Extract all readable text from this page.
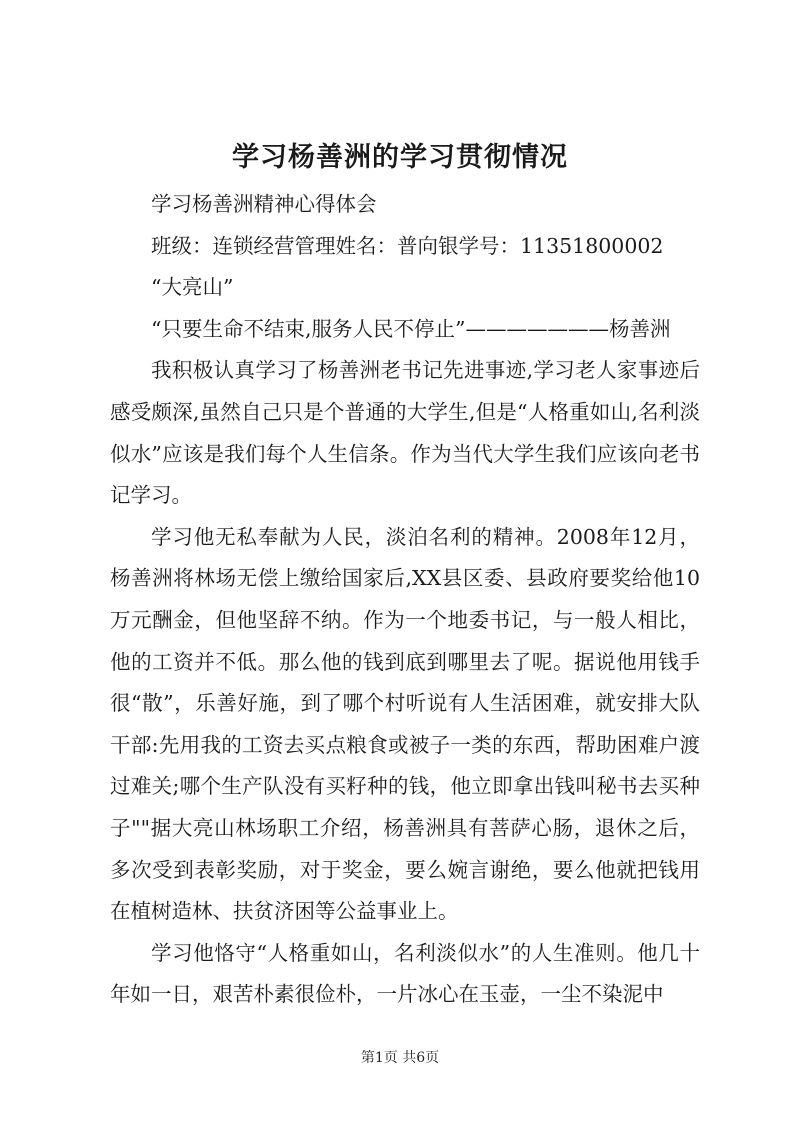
学习杨善洲的学习贯彻情况

学习杨善洲精神心得体会

班级：连锁经营管理姓名：普向银学号：11351800002

“大亮山”

“只要生命不结束,服务人民不停止”———————杨善洲

我积极认真学习了杨善洲老书记先进事迹,学习老人家事迹后感受颇深,虽然自己只是个普通的大学生,但是“人格重如山,名利淡似水”应该是我们每个人生信条。作为当代大学生我们应该向老书记学习。

学习他无私奉献为人民，淡泊名利的精神。2008年12月，杨善洲将林场无偿上缴给国家后,XX县区委、县政府要奖给他10万元酬金，但他坚辞不纳。作为一个地委书记，与一般人相比，他的工资并不低。那么他的钱到底到哪里去了呢。据说他用钱手很“散”，乐善好施，到了哪个村听说有人生活困难，就安排大队干部:先用我的工资去买点粮食或被子一类的东西，帮助困难户渡过难关;哪个生产队没有买籽种的钱，他立即拿出钱叫秘书去买种子""据大亮山林场职工介绍，杨善洲具有菩萨心肠，退休之后，多次受到表彰奖励，对于奖金，要么婉言谢绝，要么他就把钱用在植树造林、扶贫济困等公益事业上。

学习他恪守“人格重如山，名利淡似水”的人生准则。他几十年如一日，艰苦朴素很俭朴，一片冰心在玉壶，一尘不染泥中

第1页 共6页
